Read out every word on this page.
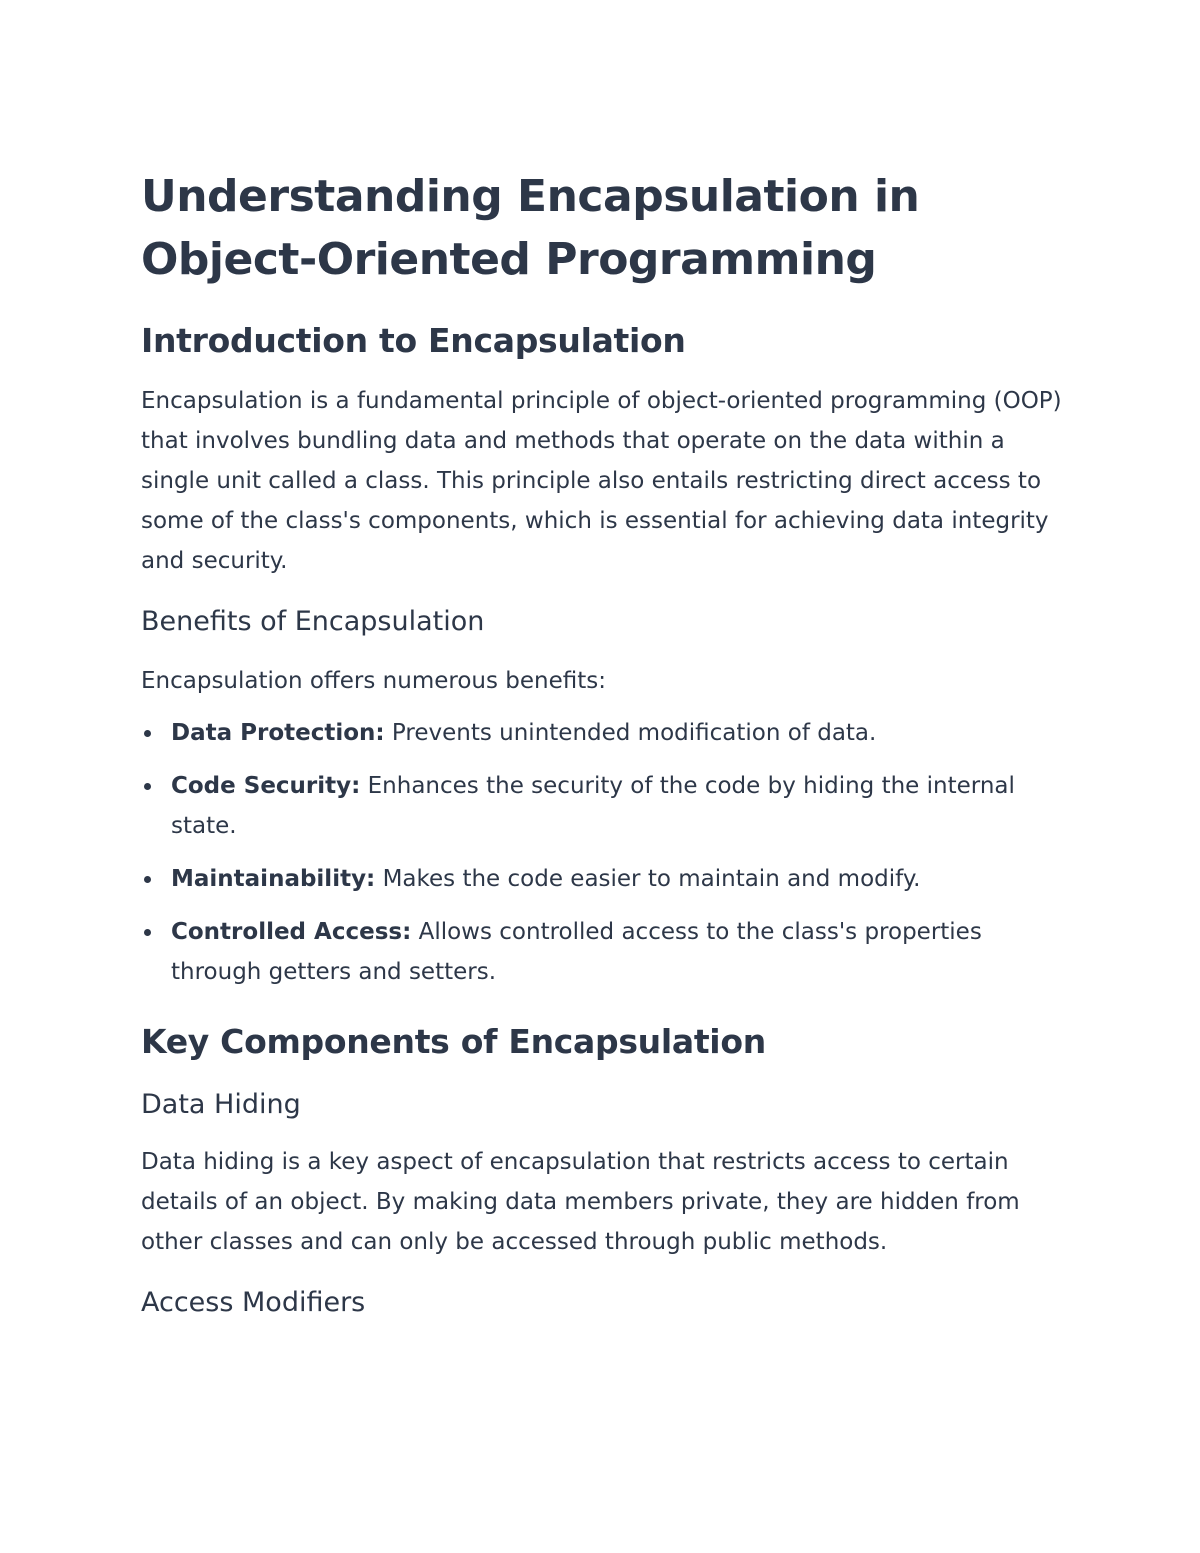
Understanding Encapsulation in Object-Oriented Programming
Introduction to Encapsulation

Encapsulation is a fundamental principle of object-oriented programming (OOP) that involves bundling data and methods that operate on the data within a single unit called a class. This principle also entails restricting direct access to some of the class's components, which is essential for achieving data integrity and security.

Benefits of Encapsulation

Encapsulation offers numerous benefits:

Data Protection: Prevents unintended modification of data.
Code Security: Enhances the security of the code by hiding the internal state.
Maintainability: Makes the code easier to maintain and modify.
Controlled Access: Allows controlled access to the class's properties through getters and setters.
Key Components of Encapsulation
Data Hiding

Data hiding is a key aspect of encapsulation that restricts access to certain details of an object. By making data members private, they are hidden from other classes and can only be accessed through public methods.

Access Modifiers
